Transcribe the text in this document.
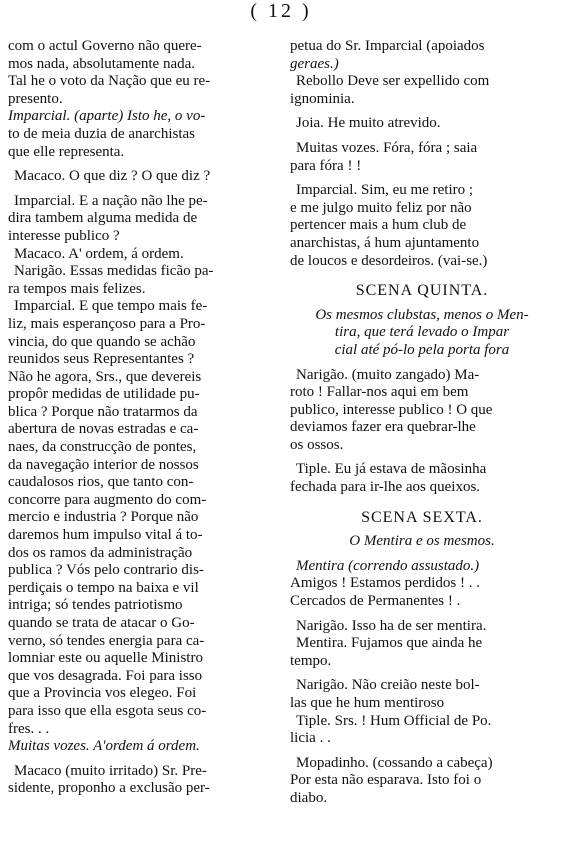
( 12 )
com o actul Governo não quere-
mos nada, absolutamente nada.
Tal he o voto da Nação que eu re-
presento.
Imparcial. (aparte) Isto he, o vo-
to de meia duzia de anarchistas
que elle representa.
Macaco. O que diz ? O que diz ?
Imparcial. E a nação não lhe pe-
dira tambem alguma medida de
interesse publico ?
Macaco. A' ordem, á ordem.
Narigão. Essas medidas ficão pa-
ra tempos mais felizes.
Imparcial. E que tempo mais fe-
liz, mais esperançoso para a Pro-
vincia, do que quando se achão
reunidos seus Representantes ?
Não he agora, Srs., que devereis
propôr medidas de utilidade pu-
blica ? Porque não tratarmos da
abertura de novas estradas e ca-
naes, da construcção de pontes,
da navegação interior de nossos
caudalosos rios, que tanto con-
concorre para augmento do com-
mercio e industria ? Porque não
daremos hum impulso vital á to-
dos os ramos da administração
publica ? Vós pelo contrario dis-
perdiçais o tempo na baixa e vil
intriga; só tendes patriotismo
quando se trata de atacar o Go-
verno, só tendes energia para ca-
lomniar este ou aquelle Ministro
que vos desagrada. Foi para isso
que a Provincia vos elegeo. Foi
para isso que ella esgota seus co-
fres. . .
Muitas vozes. A'ordem á ordem.
Macaco (muito irritado) Sr. Pre-
sidente, proponho a exclusão per-
petua do Sr. Imparcial (apoiados
geraes.)
Rebollo Deve ser expellido com
ignominia.
Joia. He muito atrevido.
Muitas vozes. Fóra, fóra ; saia
para fóra ! !
Imparcial. Sim, eu me retiro ;
e me julgo muito feliz por não
pertencer mais a hum club de
anarchistas, á hum ajuntamento
de loucos e desordeiros. (vai-se.)
SCENA QUINTA.
Os mesmos clubstas, menos o Men-
tira, que terá levado o Impar
cial até pó-lo pela porta fora
Narigão. (muito zangado) Ma-
roto ! Fallar-nos aqui em bem
publico, interesse publico ! O que
deviamos fazer era quebrar-lhe
os ossos.
Tiple. Eu já estava de mãosinha
fechada para ir-lhe aos queixos.
SCENA SEXTA.
O Mentira e os mesmos.
Mentira (correndo assustado.)
Amigos ! Estamos perdidos ! . .
Cercados de Permanentes ! .
Narigão. Isso ha de ser mentira.
Mentira. Fujamos que ainda he
tempo.
Narigão. Não creião neste bol-
las que he hum mentiroso
Tiple. Srs. ! Hum Official de Po.
licia . .
Mopadinho. (cossando a cabeça)
Por esta não esparava. Isto foi o
diabo.
